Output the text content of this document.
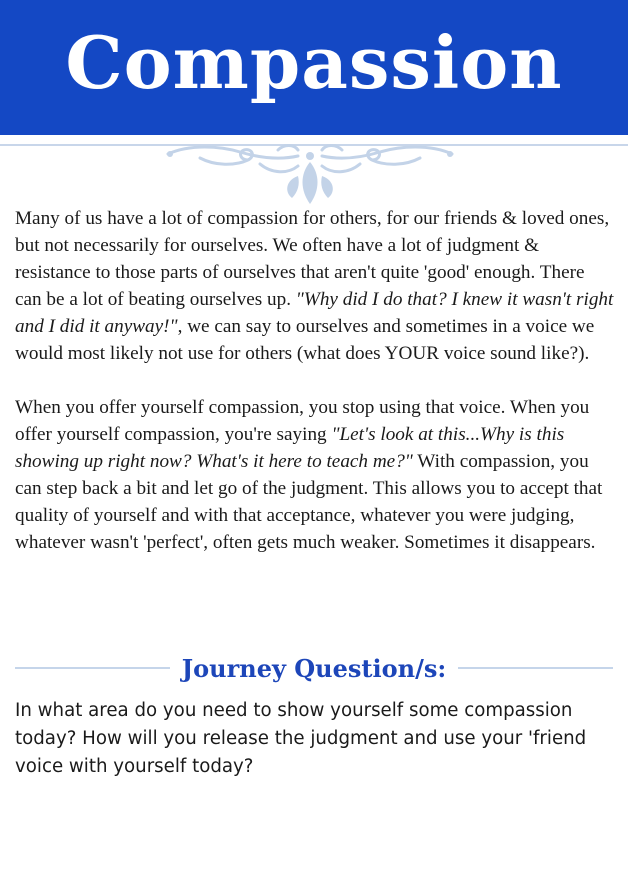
Compassion

Many of us have a lot of compassion for others, for our friends & loved ones, but not necessarily for ourselves. We often have a lot of judgment & resistance to those parts of ourselves that aren't quite 'good' enough. There can be a lot of beating ourselves up. "Why did I do that? I knew it wasn't right and I did it anyway!", we can say to ourselves and sometimes in a voice we would most likely not use for others (what does YOUR voice sound like?).

When you offer yourself compassion, you stop using that voice. When you offer yourself compassion, you're saying "Let's look at this...Why is this showing up right now? What's it here to teach me?" With compassion, you can step back a bit and let go of the judgment. This allows you to accept that quality of yourself and with that acceptance, whatever you were judging, whatever wasn't 'perfect', often gets much weaker. Sometimes it disappears.

Journey Question/s:

In what area do you need to show yourself some compassion today? How will you release the judgment and use your 'friend voice with yourself today?
